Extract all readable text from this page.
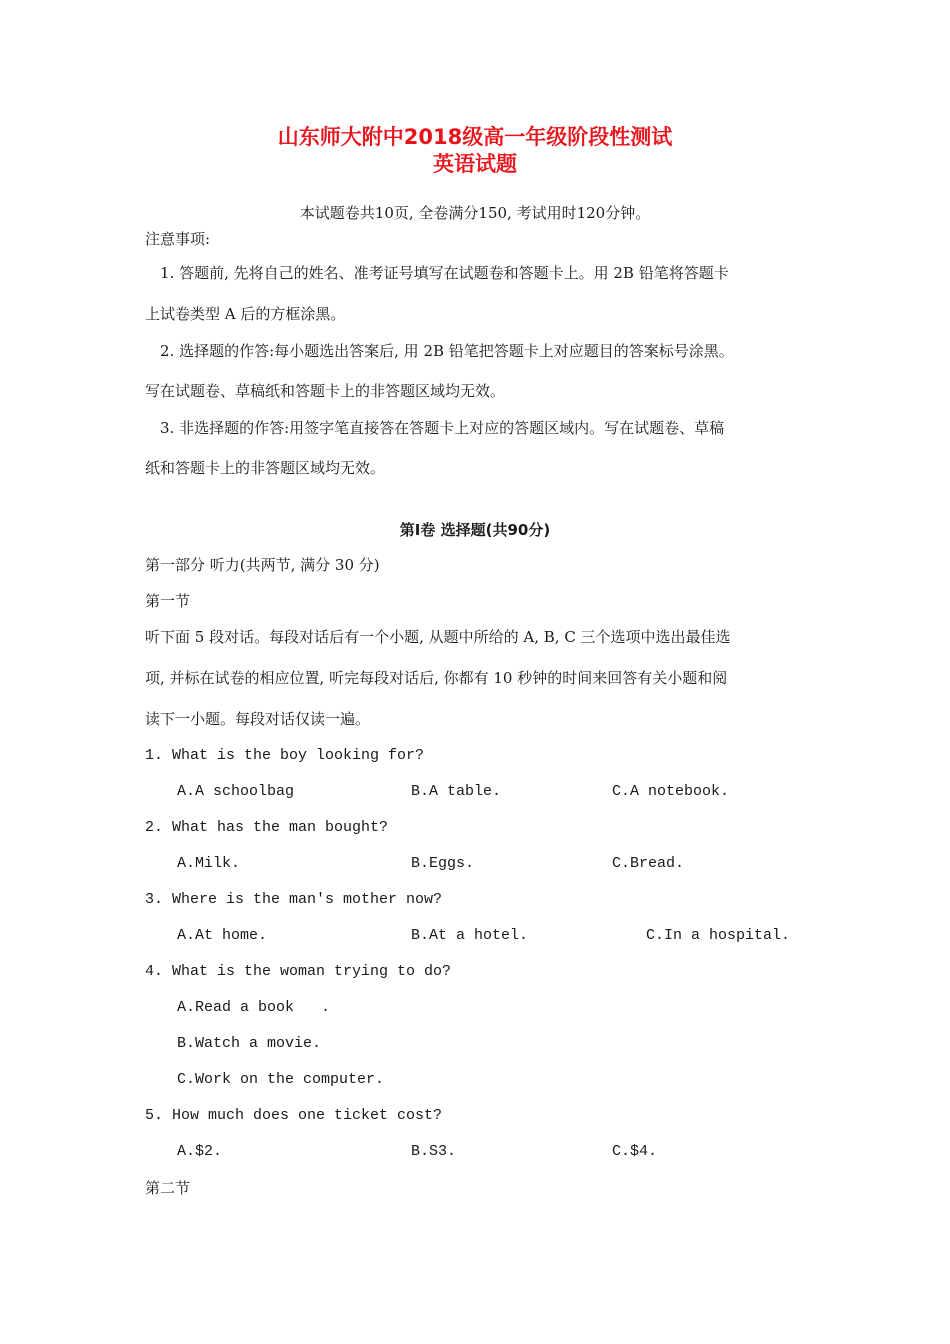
山东师大附中2018级高一年级阶段性测试
英语试题
本试题卷共10页, 全卷满分150, 考试用时120分钟。
注意事项:
1. 答题前, 先将自己的姓名、准考证号填写在试题卷和答题卡上。用 2B 铅笔将答题卡
上试卷类型 A 后的方框涂黑。
2. 选择题的作答:每小题选出答案后, 用 2B 铅笔把答题卡上对应题目的答案标号涂黑。
写在试题卷、草稿纸和答题卡上的非答题区域均无效。
3. 非选择题的作答:用签字笔直接答在答题卡上对应的答题区域内。写在试题卷、草稿
纸和答题卡上的非答题区域均无效。
第Ⅰ卷 选择题(共90分)
第一部分 听力(共两节, 满分 30 分)
第一节
听下面 5 段对话。每段对话后有一个小题, 从题中所给的 A, B, C 三个选项中选出最佳选
项, 并标在试卷的相应位置, 听完每段对话后, 你都有 10 秒钟的时间来回答有关小题和阅
读下一小题。每段对话仅读一遍。
1. What is the boy looking for?
A.A schoolbag	B.A table.	C.A notebook.
2. What has the man bought?
A.Milk.	B.Eggs.	C.Bread.
3. Where is the man's mother now?
A.At home.	B.At a hotel.	C.In a hospital.
4. What is the woman trying to do?
A.Read a book   .
B.Watch a movie.
C.Work on the computer.
5. How much does one ticket cost?
A.$2.	B.S3.	C.$4.
第二节
